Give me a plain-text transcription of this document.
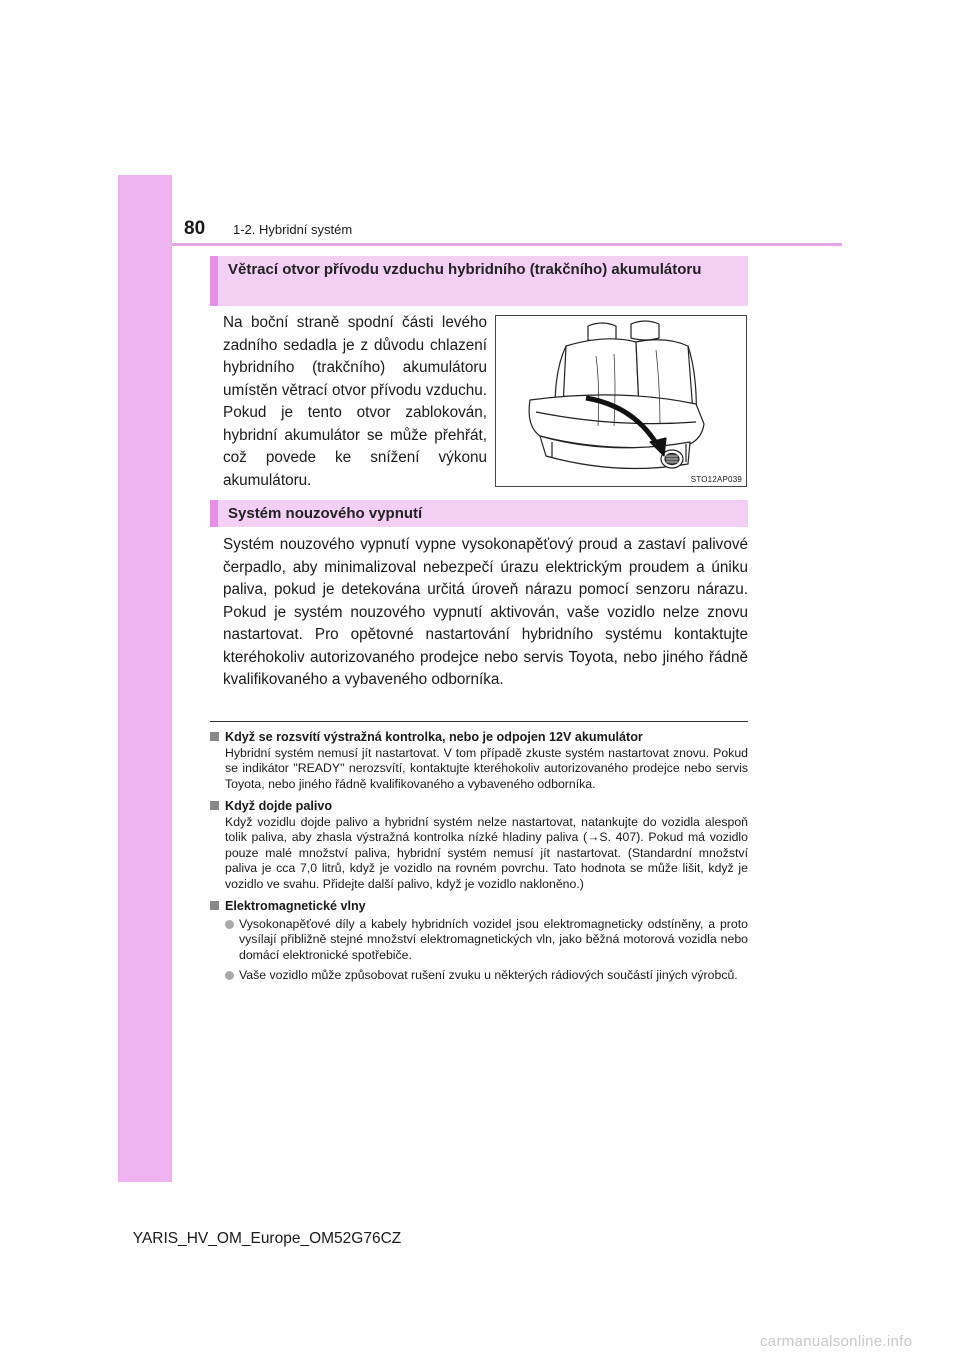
80 1-2. Hybridní systém
Větrací otvor přívodu vzduchu hybridního (trakčního) akumulátoru

Na boční straně spodní části levého zadního sedadla je z důvodu chlazení hybridního (trakčního) akumulátoru umístěn větrací otvor přívodu vzduchu. Pokud je tento otvor zablokován, hybridní akumulátor se může přehřát, což povede ke snížení výkonu akumulátoru.	STO12AP039
Systém nouzového vypnutí

Systém nouzového vypnutí vypne vysokonapěťový proud a zastaví palivové čerpadlo, aby minimalizoval nebezpečí úrazu elektrickým proudem a úniku paliva, pokud je detekována určitá úroveň nárazu pomocí senzoru nárazu. Pokud je systém nouzového vypnutí aktivován, vaše vozidlo nelze znovu nastartovat. Pro opětovné nastartování hybridního systému kontaktujte kteréhokoliv autorizovaného prodejce nebo servis Toyota, nebo jiného řádně kvalifikovaného a vybaveného odborníka.

Když se rozsvítí výstražná kontrolka, nebo je odpojen 12V akumulátor
Hybridní systém nemusí jít nastartovat. V tom případě zkuste systém nastartovat znovu. Pokud se indikátor "READY" nerozsvítí, kontaktujte kteréhokoliv autorizovaného prodejce nebo servis Toyota, nebo jiného řádně kvalifikovaného a vybaveného odborníka.
Když dojde palivo
Když vozidlu dojde palivo a hybridní systém nelze nastartovat, natankujte do vozidla alespoň tolik paliva, aby zhasla výstražná kontrolka nízké hladiny paliva (→S. 407). Pokud má vozidlo pouze malé množství paliva, hybridní systém nemusí jít nastartovat. (Standardní množství paliva je cca 7,0 litrů, když je vozidlo na rovném povrchu. Tato hodnota se může lišit, když je vozidlo ve svahu. Přidejte další palivo, když je vozidlo nakloněno.)
Elektromagnetické vlny
Vysokonapěťové díly a kabely hybridních vozidel jsou elektromagneticky odstíněny, a proto vysílají přibližně stejné množství elektromagnetických vln, jako běžná motorová vozidla nebo domácí elektronické spotřebiče.
Vaše vozidlo může způsobovat rušení zvuku u některých rádiových součástí jiných výrobců.
YARIS_HV_OM_Europe_OM52G76CZ
carmanualsonline.info
